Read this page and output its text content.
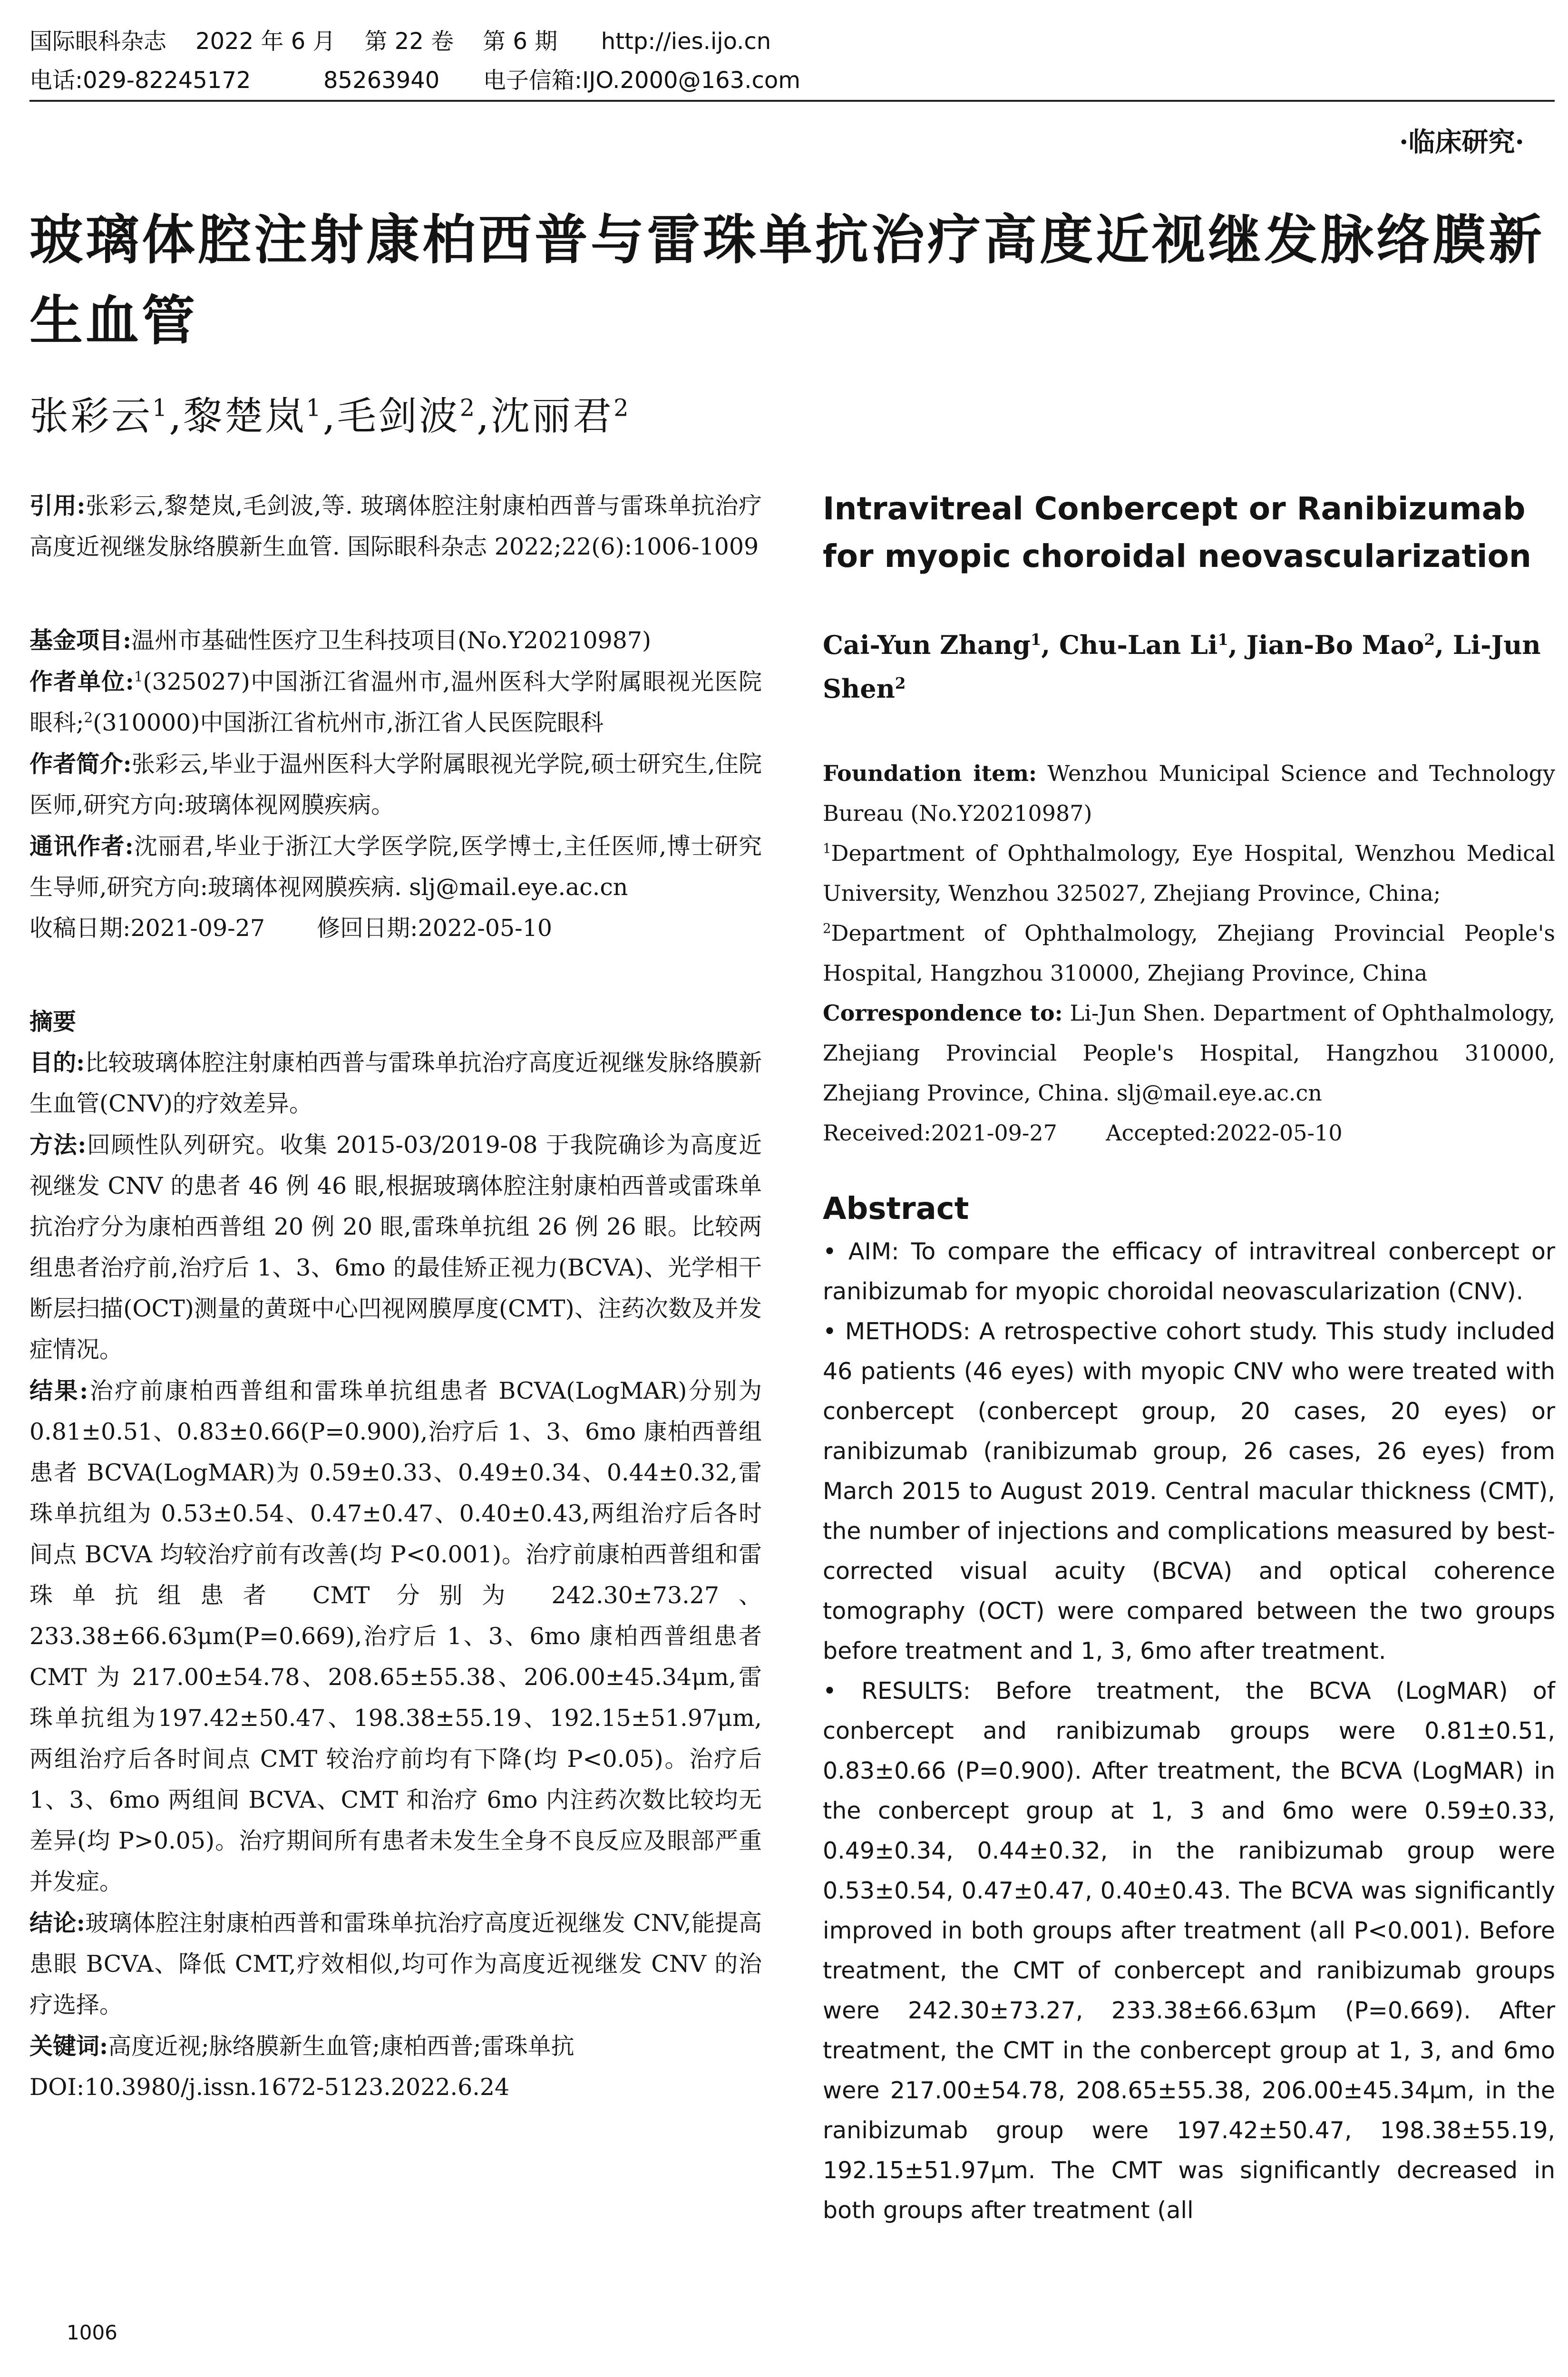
国际眼科杂志    2022 年 6 月    第 22 卷    第 6 期      http://ies.ijo.cn
电话:029-82245172          85263940      电子信箱:IJO.2000@163.com
·临床研究·
玻璃体腔注射康柏西普与雷珠单抗治疗高度近视继发脉络膜新生血管
张彩云$^1$,黎楚岚$^1$,毛剑波$^2$,沈丽君$^2$

引用:张彩云,黎楚岚,毛剑波,等. 玻璃体腔注射康柏西普与雷珠单抗治疗高度近视继发脉络膜新生血管. 国际眼科杂志 2022;22(6):1006-1009

基金项目:温州市基础性医疗卫生科技项目(No.Y20210987)

作者单位:$^1$(325027)中国浙江省温州市,温州医科大学附属眼视光医院眼科;$^2$(310000)中国浙江省杭州市,浙江省人民医院眼科

作者简介:张彩云,毕业于温州医科大学附属眼视光学院,硕士研究生,住院医师,研究方向:玻璃体视网膜疾病。

通讯作者:沈丽君,毕业于浙江大学医学院,医学博士,主任医师,博士研究生导师,研究方向:玻璃体视网膜疾病. slj@mail.eye.ac.cn

收稿日期:2021-09-27 修回日期:2022-05-10

摘要

目的:比较玻璃体腔注射康柏西普与雷珠单抗治疗高度近视继发脉络膜新生血管(CNV)的疗效差异。

方法:回顾性队列研究。收集 2015-03/2019-08 于我院确诊为高度近视继发 CNV 的患者 46 例 46 眼,根据玻璃体腔注射康柏西普或雷珠单抗治疗分为康柏西普组 20 例 20 眼,雷珠单抗组 26 例 26 眼。比较两组患者治疗前,治疗后 1、3、6mo 的最佳矫正视力(BCVA)、光学相干断层扫描(OCT)测量的黄斑中心凹视网膜厚度(CMT)、注药次数及并发症情况。

结果:治疗前康柏西普组和雷珠单抗组患者 BCVA(LogMAR)分别为 0.81±0.51、0.83±0.66(P=0.900),治疗后 1、3、6mo 康柏西普组患者 BCVA(LogMAR)为 0.59±0.33、0.49±0.34、0.44±0.32,雷珠单抗组为 0.53±0.54、0.47±0.47、0.40±0.43,两组治疗后各时间点 BCVA 均较治疗前有改善(均 P<0.001)。治疗前康柏西普组和雷珠单抗组患者 CMT 分别为 242.30±73.27、233.38±66.63μm(P=0.669),治疗后 1、3、6mo 康柏西普组患者 CMT 为 217.00±54.78、208.65±55.38、206.00±45.34μm,雷珠单抗组为197.42±50.47、198.38±55.19、192.15±51.97μm,两组治疗后各时间点 CMT 较治疗前均有下降(均 P<0.05)。治疗后 1、3、6mo 两组间 BCVA、CMT 和治疗 6mo 内注药次数比较均无差异(均 P>0.05)。治疗期间所有患者未发生全身不良反应及眼部严重并发症。

结论:玻璃体腔注射康柏西普和雷珠单抗治疗高度近视继发 CNV,能提高患眼 BCVA、降低 CMT,疗效相似,均可作为高度近视继发 CNV 的治疗选择。

关键词:高度近视;脉络膜新生血管;康柏西普;雷珠单抗

DOI:10.3980/j.issn.1672-5123.2022.6.24

Intravitreal Conbercept or Ranibizumab for myopic choroidal neovascularization
Cai-Yun Zhang$^1$, Chu-Lan Li$^1$, Jian-Bo Mao$^2$, Li-Jun Shen$^2$

Foundation item: Wenzhou Municipal Science and Technology Bureau (No.Y20210987)

$^1$Department of Ophthalmology, Eye Hospital, Wenzhou Medical University, Wenzhou 325027, Zhejiang Province, China;

$^2$Department of Ophthalmology, Zhejiang Provincial People's Hospital, Hangzhou 310000, Zhejiang Province, China

Correspondence to: Li-Jun Shen. Department of Ophthalmology, Zhejiang Provincial People's Hospital, Hangzhou 310000, Zhejiang Province, China. slj@mail.eye.ac.cn

Received:2021-09-27 Accepted:2022-05-10

Abstract

• AIM: To compare the efficacy of intravitreal conbercept or ranibizumab for myopic choroidal neovascularization (CNV).

• METHODS: A retrospective cohort study. This study included 46 patients (46 eyes) with myopic CNV who were treated with conbercept (conbercept group, 20 cases, 20 eyes) or ranibizumab (ranibizumab group, 26 cases, 26 eyes) from March 2015 to August 2019. Central macular thickness (CMT), the number of injections and complications measured by best-corrected visual acuity (BCVA) and optical coherence tomography (OCT) were compared between the two groups before treatment and 1, 3, 6mo after treatment.

• RESULTS: Before treatment, the BCVA (LogMAR) of conbercept and ranibizumab groups were 0.81±0.51, 0.83±0.66 (P=0.900). After treatment, the BCVA (LogMAR) in the conbercept group at 1, 3 and 6mo were 0.59±0.33, 0.49±0.34, 0.44±0.32, in the ranibizumab group were 0.53±0.54, 0.47±0.47, 0.40±0.43. The BCVA was significantly improved in both groups after treatment (all P<0.001). Before treatment, the CMT of conbercept and ranibizumab groups were 242.30±73.27, 233.38±66.63μm (P=0.669). After treatment, the CMT in the conbercept group at 1, 3, and 6mo were 217.00±54.78, 208.65±55.38, 206.00±45.34μm, in the ranibizumab group were 197.42±50.47, 198.38±55.19, 192.15±51.97μm. The CMT was significantly decreased in both groups after treatment (all

1006
